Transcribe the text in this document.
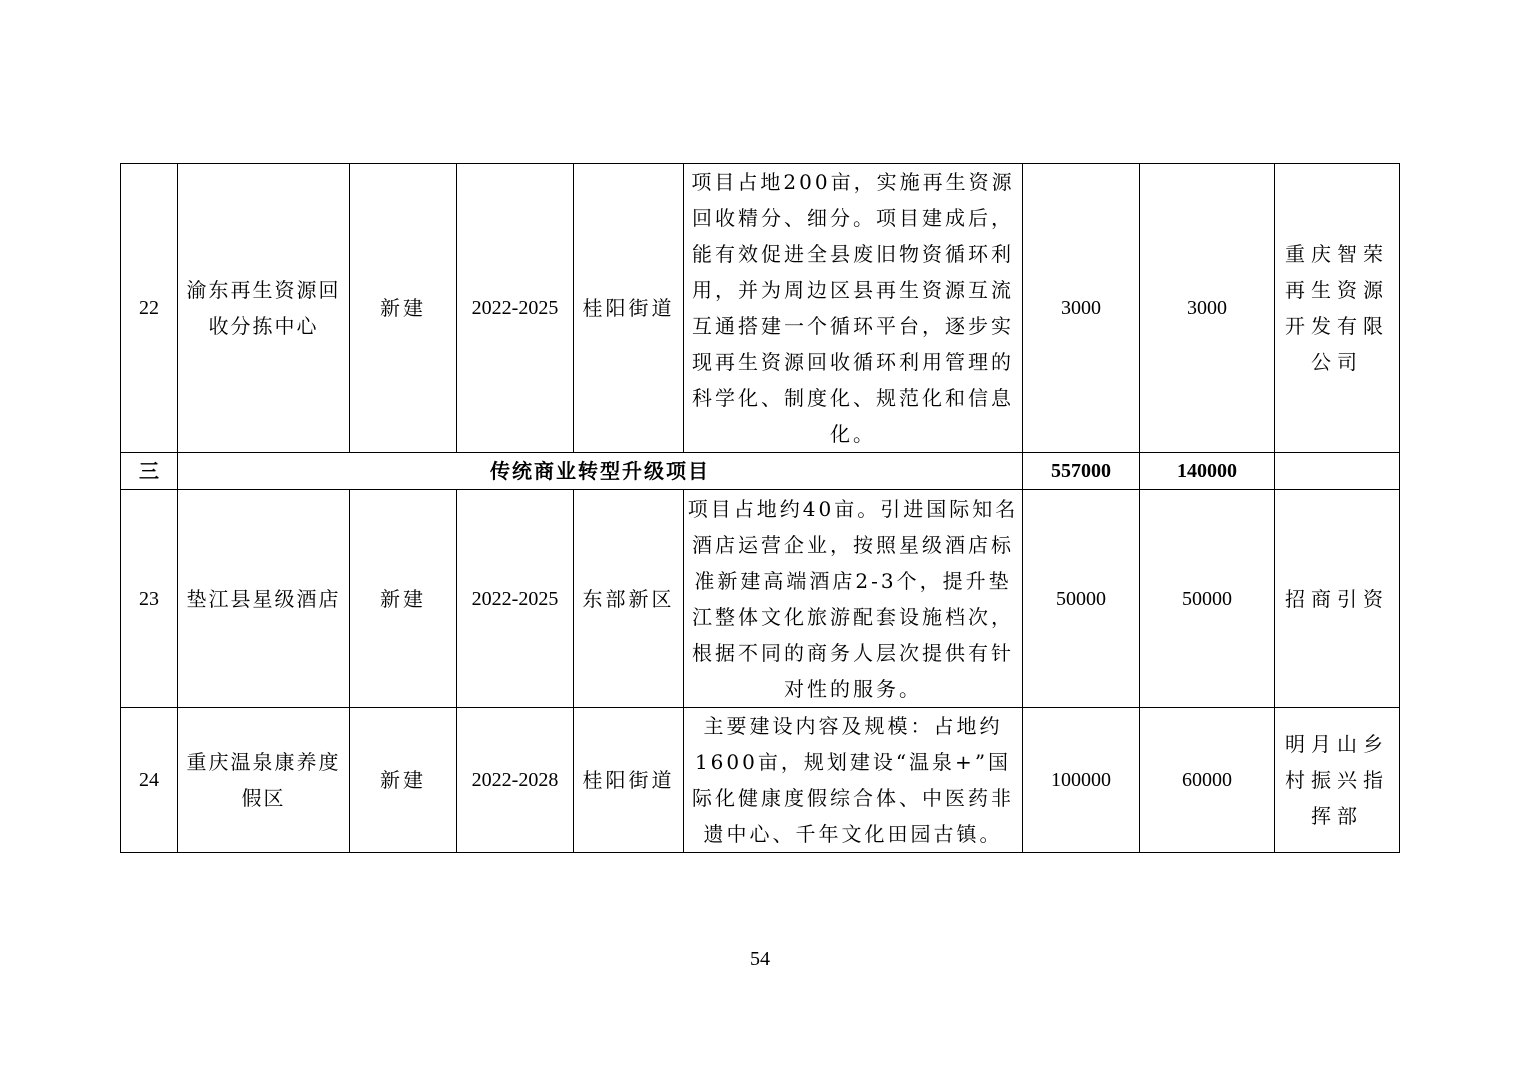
22	渝东再生资源回收分拣中心	新建	2022-2025	桂阳街道	项目占地200亩，实施再生资源回收精分、细分。项目建成后，能有效促进全县废旧物资循环利用，并为周边区县再生资源互流互通搭建一个循环平台，逐步实现再生资源回收循环利用管理的科学化、制度化、规范化和信息化。	3000	3000	重庆智荣再生资源开发有限公司
三	传统商业转型升级项目					557000	140000	
23	垫江县星级酒店	新建	2022-2025	东部新区	项目占地约40亩。引进国际知名酒店运营企业，按照星级酒店标准新建高端酒店2-3个，提升垫江整体文化旅游配套设施档次，根据不同的商务人层次提供有针对性的服务。	50000	50000	招商引资
24	重庆温泉康养度假区	新建	2022-2028	桂阳街道	主要建设内容及规模：占地约1600亩，规划建设“温泉+”国际化健康度假综合体、中医药非遗中心、千年文化田园古镇。	100000	60000	明月山乡村振兴指挥部
54
